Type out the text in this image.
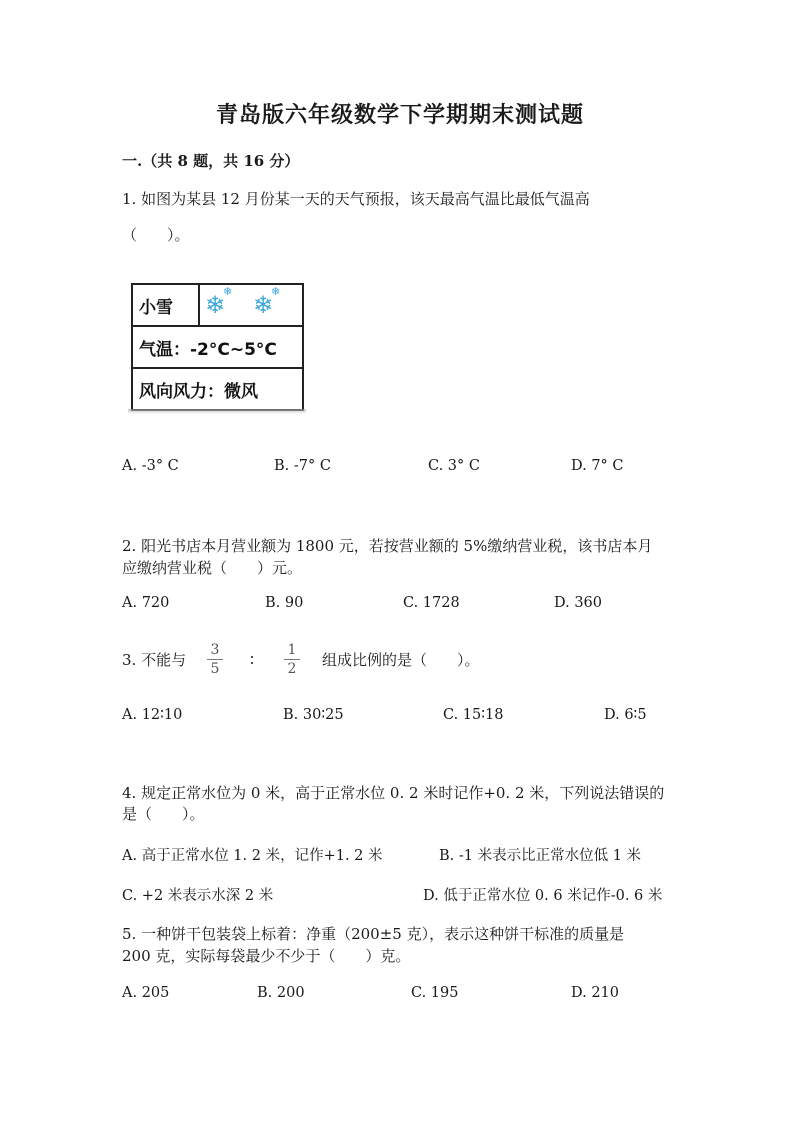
青岛版六年级数学下学期期末测试题
一.（共 8 题，共 16 分）
1. 如图为某县 12 月份某一天的天气预报，该天最高气温比最低气温高
（　　）。
小雪 ❄
❄ ❄
❄
气温：-2°C~5°C
风向风力：微风
A. -3° C	B. -7° C	C. 3° C	D. 7° C
2. 阳光书店本月营业额为 1800 元，若按营业额的 5%缴纳营业税，该书店本月
应缴纳营业税（　　）元。
A. 720	B. 90	C. 1728	D. 360
3. 不能与
3
5 ∶
1
2 组成比例的是（　　）。
A. 12∶10	B. 30∶25	C. 15∶18	D. 6∶5
4. 规定正常水位为 0 米，高于正常水位 0. 2 米时记作+0. 2 米，下列说法错误的
是（　　）。
A. 高于正常水位 1. 2 米，记作+1. 2 米	B. -1 米表示比正常水位低 1 米
C. +2 米表示水深 2 米	D. 低于正常水位 0. 6 米记作-0. 6 米
5. 一种饼干包装袋上标着：净重（200±5 克），表示这种饼干标准的质量是
200 克，实际每袋最少不少于（　　）克。
A. 205	B. 200	C. 195	D. 210
